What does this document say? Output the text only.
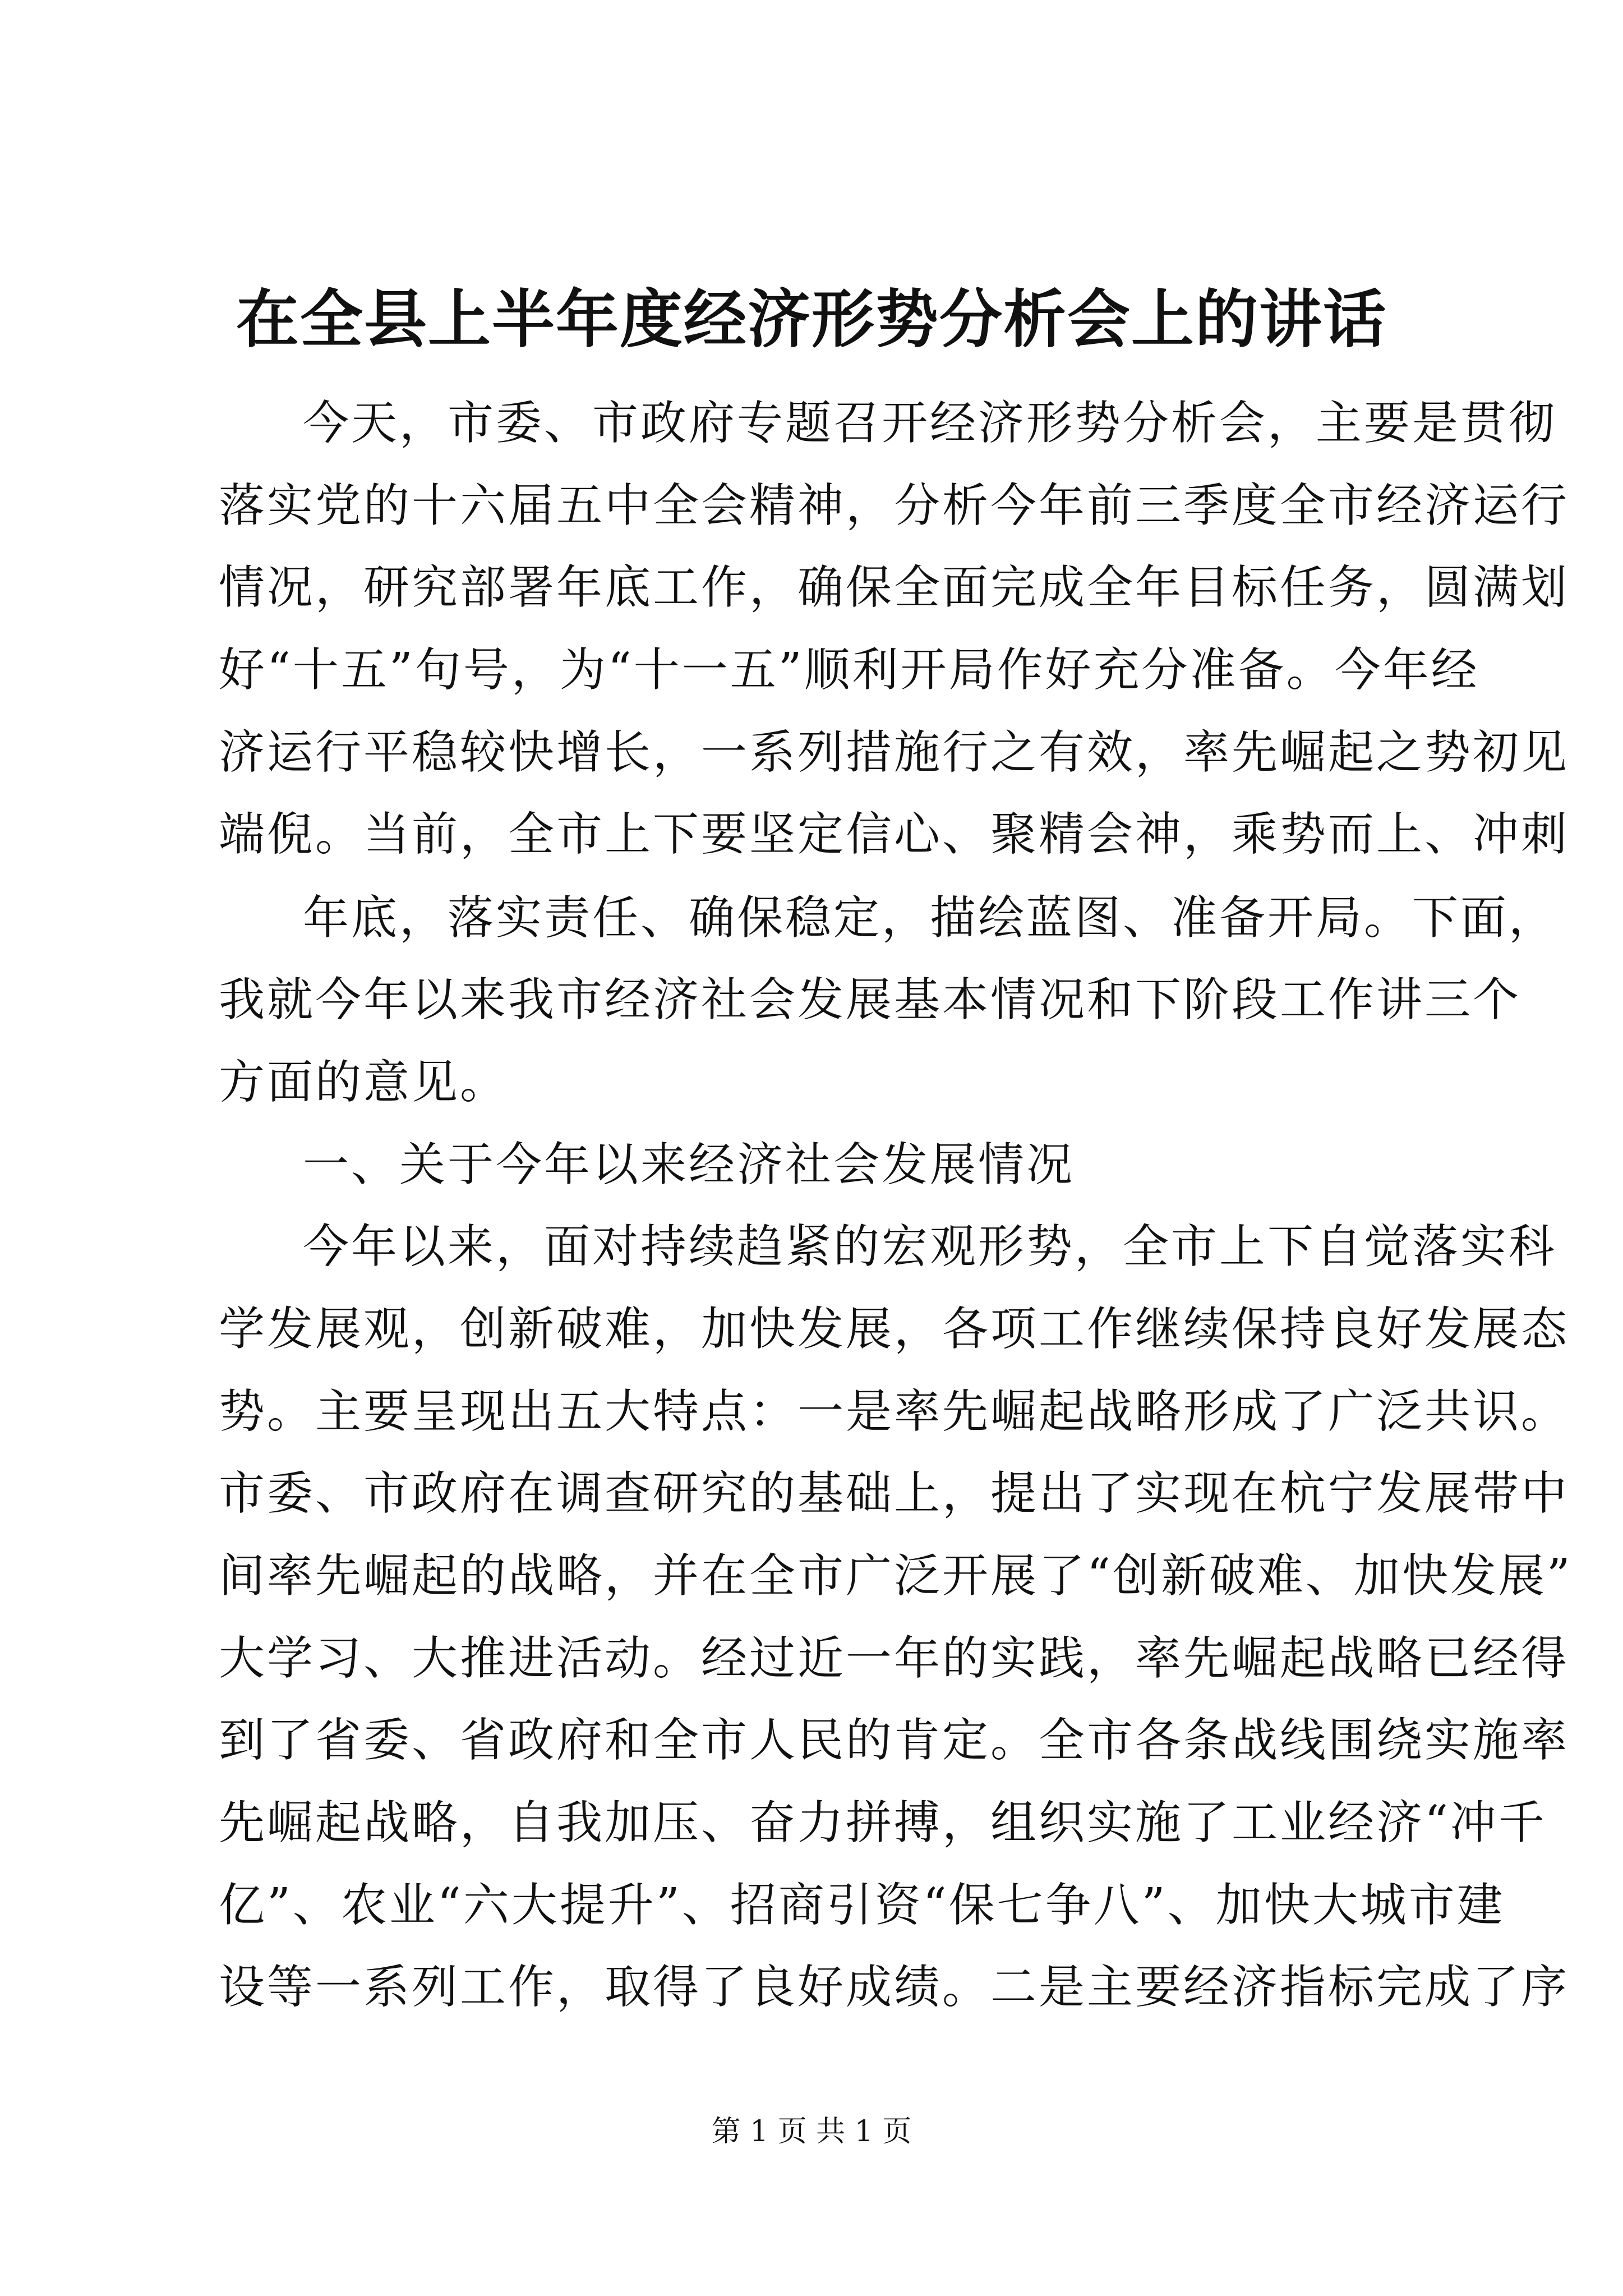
在全县上半年度经济形势分析会上的讲话
今天，市委、市政府专题召开经济形势分析会，主要是贯彻
落实党的十六届五中全会精神，分析今年前三季度全市经济运行
情况，研究部署年底工作，确保全面完成全年目标任务，圆满划
好“十五”句号，为“十一五”顺利开局作好充分准备。今年经
济运行平稳较快增长，一系列措施行之有效，率先崛起之势初见
端倪。当前，全市上下要坚定信心、聚精会神，乘势而上、冲刺
年底，落实责任、确保稳定，描绘蓝图、准备开局。下面，
我就今年以来我市经济社会发展基本情况和下阶段工作讲三个
方面的意见。
一、关于今年以来经济社会发展情况
今年以来，面对持续趋紧的宏观形势，全市上下自觉落实科
学发展观，创新破难，加快发展，各项工作继续保持良好发展态
势。主要呈现出五大特点：一是率先崛起战略形成了广泛共识。
市委、市政府在调查研究的基础上，提出了实现在杭宁发展带中
间率先崛起的战略，并在全市广泛开展了“创新破难、加快发展”
大学习、大推进活动。经过近一年的实践，率先崛起战略已经得
到了省委、省政府和全市人民的肯定。全市各条战线围绕实施率
先崛起战略，自我加压、奋力拼搏，组织实施了工业经济“冲千
亿”、农业“六大提升”、招商引资“保七争八”、加快大城市建
设等一系列工作，取得了良好成绩。二是主要经济指标完成了序
第 1 页 共 1 页
